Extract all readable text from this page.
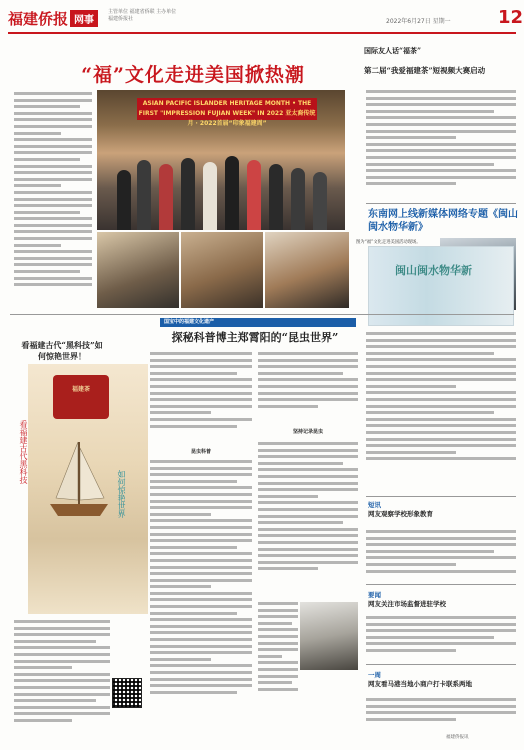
福建侨报 网事
主管单位 福建省侨联 主办单位 福建侨报社	2022年6月27日 星期一	12
“福”文化走进美国掀热潮
ASIAN PACIFIC ISLANDER HERITAGE MONTH • THE FIRST "IMPRESSION FUJIAN WEEK" IN 2022 亚太裔传统月 · 2022首届“印象福建周”
图为“福”文化走进美国活动现场。
国际友人话“福茶”
第二届“我爱福建茶”短视频大赛启动
东南网上线新媒体网络专题《闽山闽水物华新》
闽山闽水物华新
看福建古代“黑科技”如何惊艳世界！
福建茶
看福建古代黑科技
如何惊艳世界
国宝中的福建文化遗产
探秘科普博主郑霄阳的“昆虫世界”
昆虫科普
坚持记录昆虫
短讯
网友观察学校形象教育
要闻
网友关注市场监督进驻学校
一周
网友看马港当地小商户打卡联系两地
福建侨报讯
